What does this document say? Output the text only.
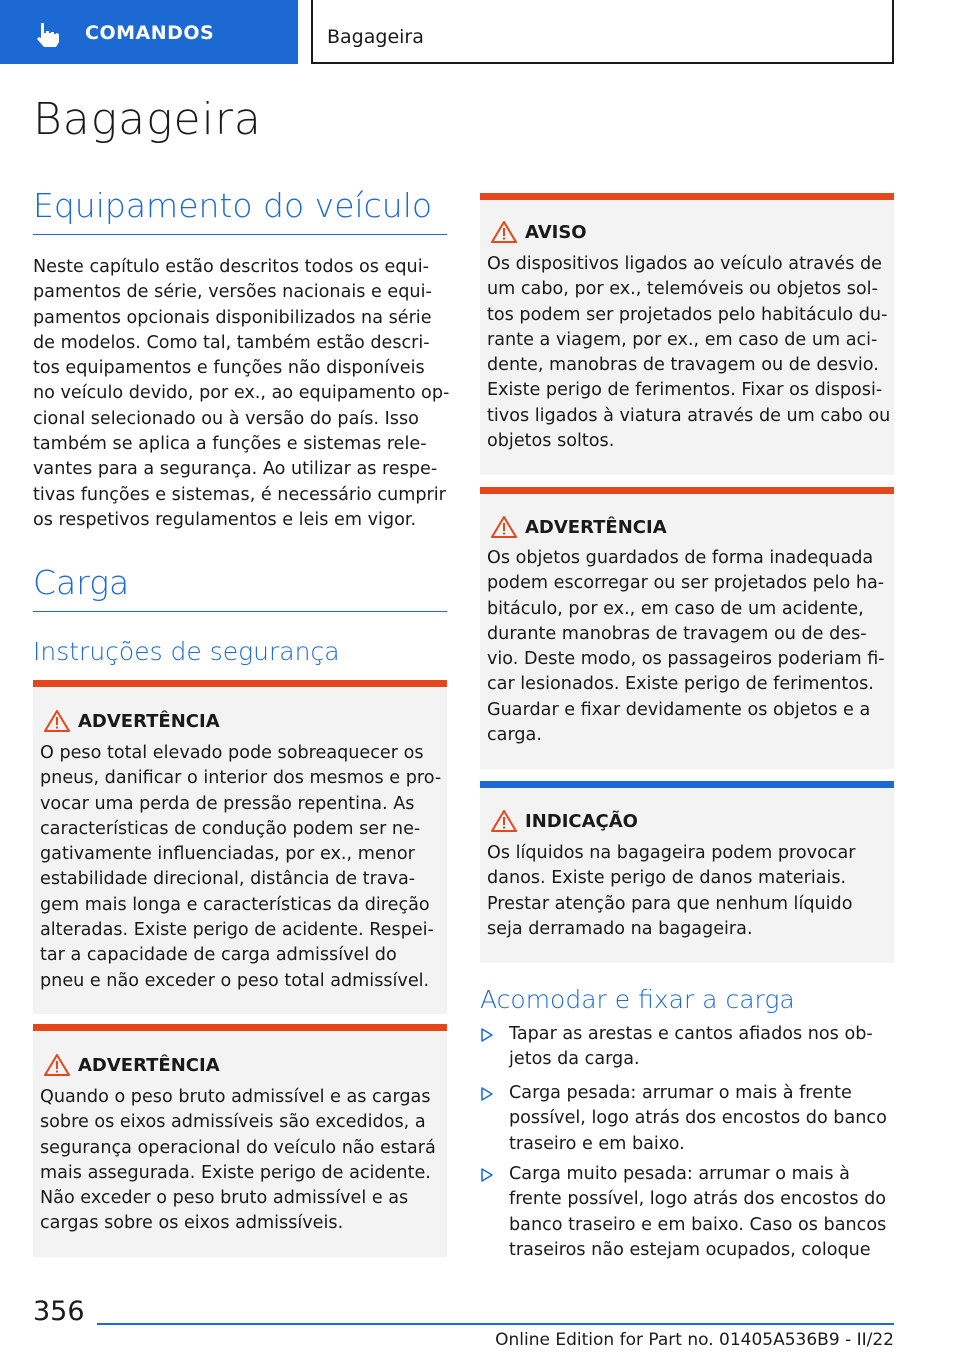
COMANDOS	Bagageira
Bagageira
Equipamento do veículo
Neste capítulo estão descritos todos os equi-
pamentos de série, versões nacionais e equi-
pamentos opcionais disponibilizados na série
de modelos. Como tal, também estão descri-
tos equipamentos e funções não disponíveis
no veículo devido, por ex., ao equipamento op-
cional selecionado ou à versão do país. Isso
também se aplica a funções e sistemas rele-
vantes para a segurança. Ao utilizar as respe-
tivas funções e sistemas, é necessário cumprir
os respetivos regulamentos e leis em vigor.
Carga
Instruções de segurança
ADVERTÊNCIA
O peso total elevado pode sobreaquecer os
pneus, danificar o interior dos mesmos e pro-
vocar uma perda de pressão repentina. As
características de condução podem ser ne-
gativamente influenciadas, por ex., menor
estabilidade direcional, distância de trava-
gem mais longa e características da direção
alteradas. Existe perigo de acidente. Respei-
tar a capacidade de carga admissível do
pneu e não exceder o peso total admissível.
ADVERTÊNCIA
Quando o peso bruto admissível e as cargas
sobre os eixos admissíveis são excedidos, a
segurança operacional do veículo não estará
mais assegurada. Existe perigo de acidente.
Não exceder o peso bruto admissível e as
cargas sobre os eixos admissíveis.
AVISO
Os dispositivos ligados ao veículo através de
um cabo, por ex., telemóveis ou objetos sol-
tos podem ser projetados pelo habitáculo du-
rante a viagem, por ex., em caso de um aci-
dente, manobras de travagem ou de desvio.
Existe perigo de ferimentos. Fixar os disposi-
tivos ligados à viatura através de um cabo ou
objetos soltos.
ADVERTÊNCIA
Os objetos guardados de forma inadequada
podem escorregar ou ser projetados pelo ha-
bitáculo, por ex., em caso de um acidente,
durante manobras de travagem ou de des-
vio. Deste modo, os passageiros poderiam fi-
car lesionados. Existe perigo de ferimentos.
Guardar e fixar devidamente os objetos e a
carga.
INDICAÇÃO
Os líquidos na bagageira podem provocar
danos. Existe perigo de danos materiais.
Prestar atenção para que nenhum líquido
seja derramado na bagageira.
Acomodar e fixar a carga
Tapar as arestas e cantos afiados nos ob-
jetos da carga.
Carga pesada: arrumar o mais à frente
possível, logo atrás dos encostos do banco
traseiro e em baixo.
Carga muito pesada: arrumar o mais à
frente possível, logo atrás dos encostos do
banco traseiro e em baixo. Caso os bancos
traseiros não estejam ocupados, coloque
356
Online Edition for Part no. 01405A536B9 - II/22
